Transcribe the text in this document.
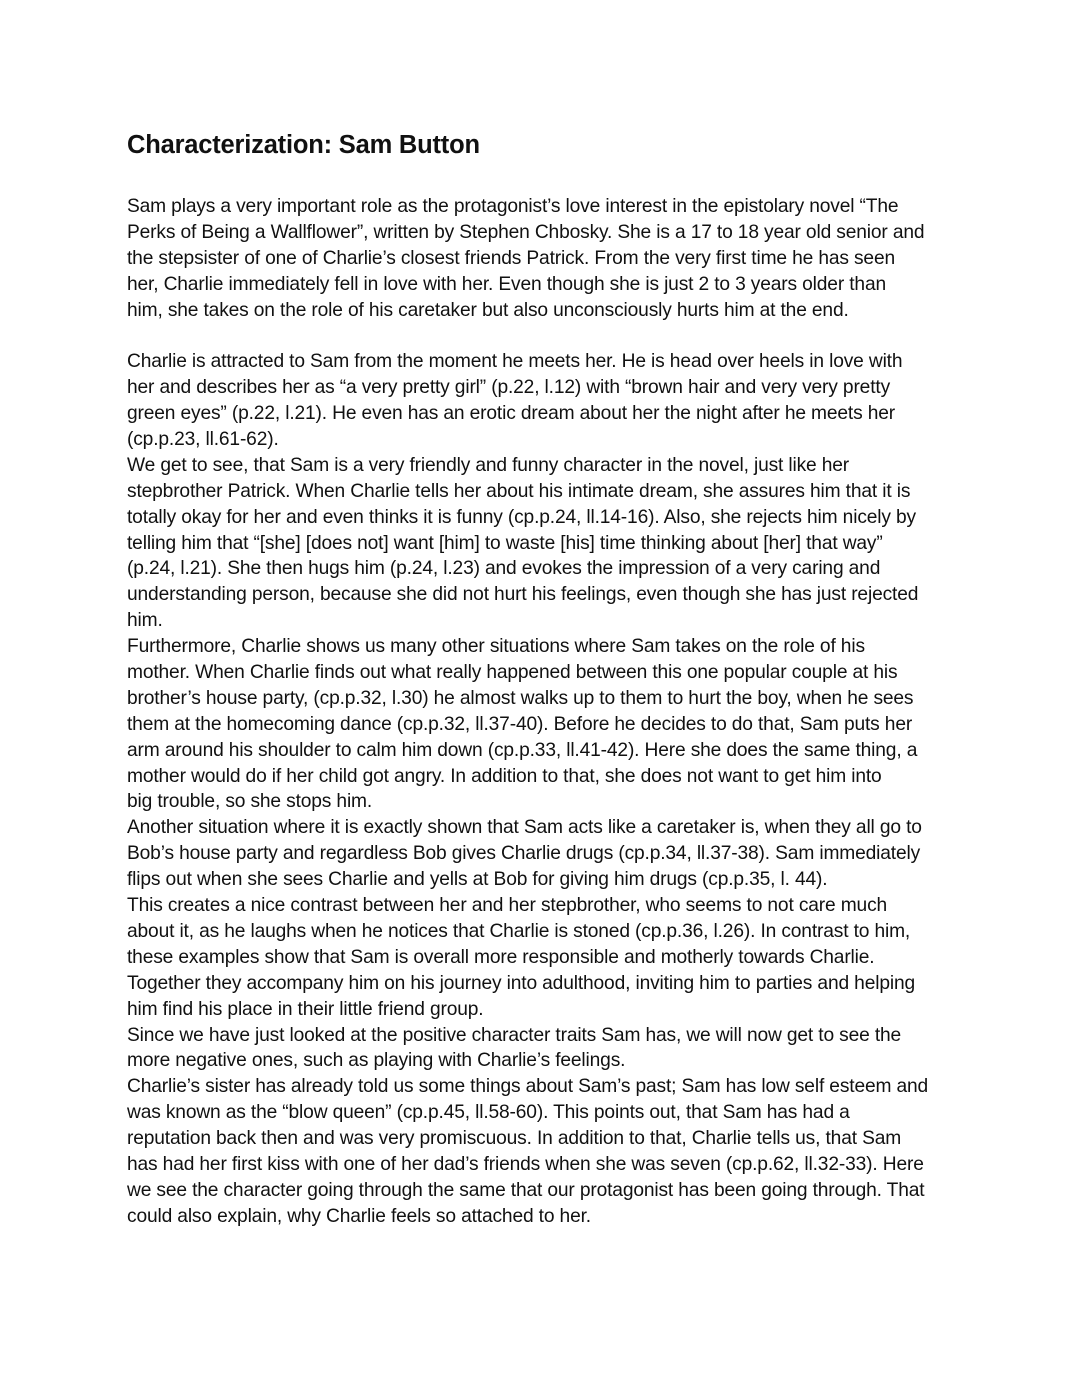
Characterization: Sam Button
Sam plays a very important role as the protagonist’s love interest in the epistolary novel “The
Perks of Being a Wallflower”, written by Stephen Chbosky. She is a 17 to 18 year old senior and
the stepsister of one of Charlie’s closest friends Patrick. From the very first time he has seen
her, Charlie immediately fell in love with her. Even though she is just 2 to 3 years older than
him, she takes on the role of his caretaker but also unconsciously hurts him at the end.
Charlie is attracted to Sam from the moment he meets her. He is head over heels in love with
her and describes her as “a very pretty girl” (p.22, l.12) with “brown hair and very very pretty
green eyes” (p.22, l.21). He even has an erotic dream about her the night after he meets her
(cp.p.23, ll.61-62).
We get to see, that Sam is a very friendly and funny character in the novel, just like her
stepbrother Patrick. When Charlie tells her about his intimate dream, she assures him that it is
totally okay for her and even thinks it is funny (cp.p.24, ll.14-16). Also, she rejects him nicely by
telling him that “[she] [does not] want [him] to waste [his] time thinking about [her] that way”
(p.24, l.21). She then hugs him (p.24, l.23) and evokes the impression of a very caring and
understanding person, because she did not hurt his feelings, even though she has just rejected
him.
Furthermore, Charlie shows us many other situations where Sam takes on the role of his
mother. When Charlie finds out what really happened between this one popular couple at his
brother’s house party, (cp.p.32, l.30) he almost walks up to them to hurt the boy, when he sees
them at the homecoming dance (cp.p.32, ll.37-40). Before he decides to do that, Sam puts her
arm around his shoulder to calm him down (cp.p.33, ll.41-42). Here she does the same thing, a
mother would do if her child got angry. In addition to that, she does not want to get him into
big trouble, so she stops him.
Another situation where it is exactly shown that Sam acts like a caretaker is, when they all go to
Bob’s house party and regardless Bob gives Charlie drugs (cp.p.34, ll.37-38). Sam immediately
flips out when she sees Charlie and yells at Bob for giving him drugs (cp.p.35, l. 44).
This creates a nice contrast between her and her stepbrother, who seems to not care much
about it, as he laughs when he notices that Charlie is stoned (cp.p.36, l.26). In contrast to him,
these examples show that Sam is overall more responsible and motherly towards Charlie.
Together they accompany him on his journey into adulthood, inviting him to parties and helping
him find his place in their little friend group.
Since we have just looked at the positive character traits Sam has, we will now get to see the
more negative ones, such as playing with Charlie’s feelings.
Charlie’s sister has already told us some things about Sam’s past; Sam has low self esteem and
was known as the “blow queen” (cp.p.45, ll.58-60). This points out, that Sam has had a
reputation back then and was very promiscuous. In addition to that, Charlie tells us, that Sam
has had her first kiss with one of her dad’s friends when she was seven (cp.p.62, ll.32-33). Here
we see the character going through the same that our protagonist has been going through. That
could also explain, why Charlie feels so attached to her.
